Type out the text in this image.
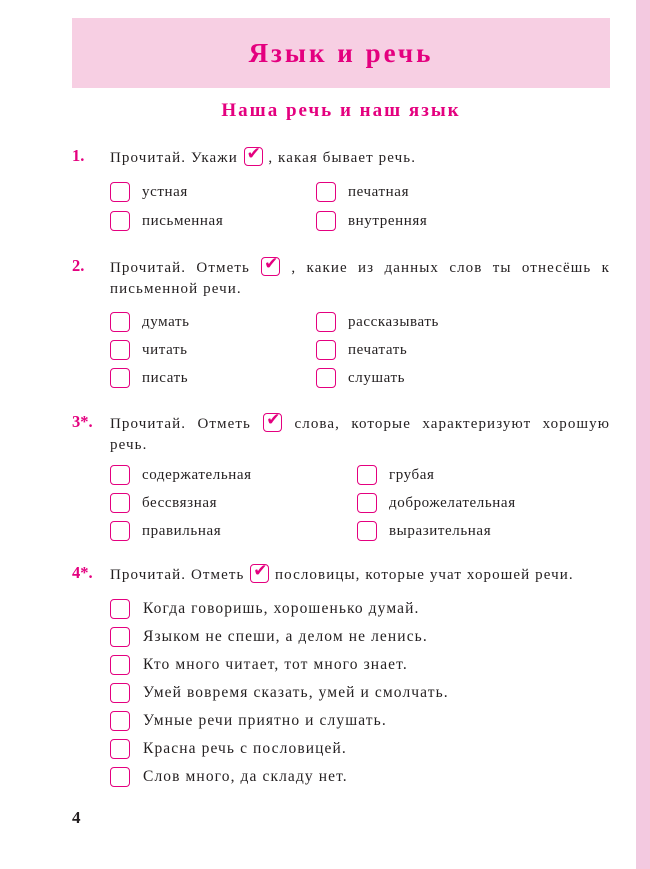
Язык и речь
Наша речь и наш язык
1.	Прочитай. Укажи ✔ , какая бывает речь.
устная	печатная
письменная	внутренняя
2.	Прочитай. Отметь ✔ , какие из данных слов ты отнесёшь к письменной речи.
думать	рассказывать
читать	печатать
писать	слушать
3*.	Прочитай. Отметь ✔ слова, которые характеризуют хорошую речь.
содержательная	грубая
бессвязная	доброжелательная
правильная	выразительная
4*.	Прочитай. Отметь ✔ пословицы, которые учат хорошей речи.
Когда говоришь, хорошенько думай.
Языком не спеши, а делом не ленись.
Кто много читает, тот много знает.
Умей вовремя сказать, умей и смолчать.
Умные речи приятно и слушать.
Красна речь с пословицей.
Слов много, да складу нет.
4
